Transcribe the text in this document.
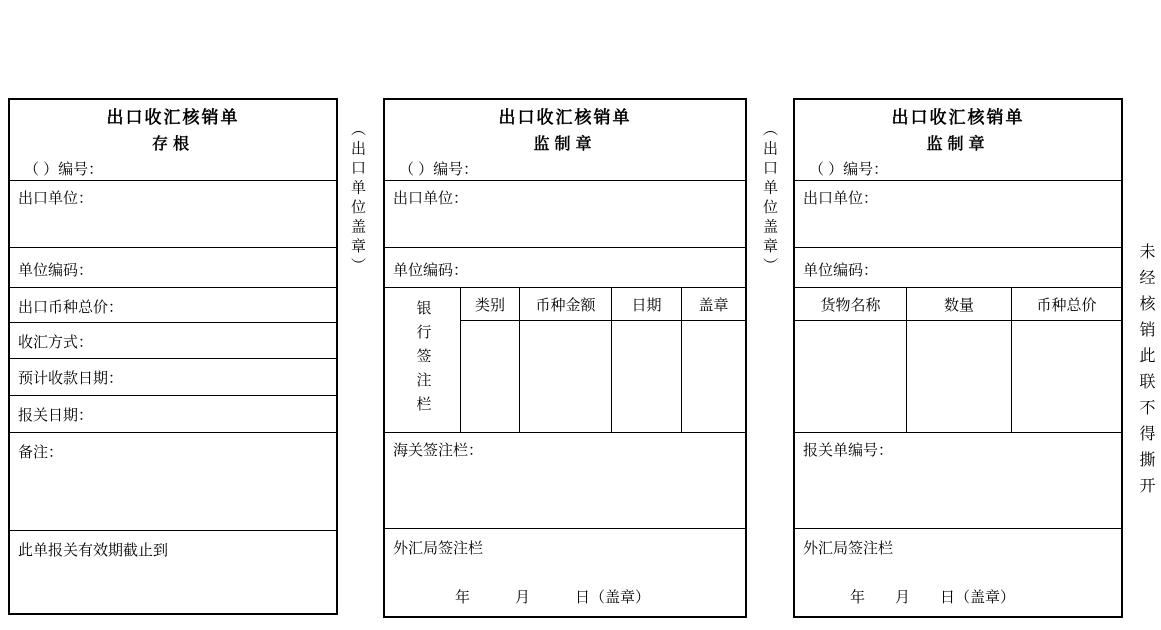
出口收汇核销单
存根
（ ）编号：
出口单位：
单位编码：
出口币种总价：
收汇方式：
预计收款日期：
报关日期：
备注：
此单报关有效期截止到
（出口单位盖章）
出口收汇核销单
监制章
（ ）编号：
出口单位：
单位编码：
银行签注栏	类别	币种金额	日期	盖章
海关签注栏：
外汇局签注栏
年　　　月　　　日（盖章）
（出口单位盖章）
出口收汇核销单
监制章
（ ）编号：
出口单位：
单位编码：
货物名称	数量	币种总价
报关单编号：
外汇局签注栏
年　　月　　日（盖章）
未经核销此联不得撕开
